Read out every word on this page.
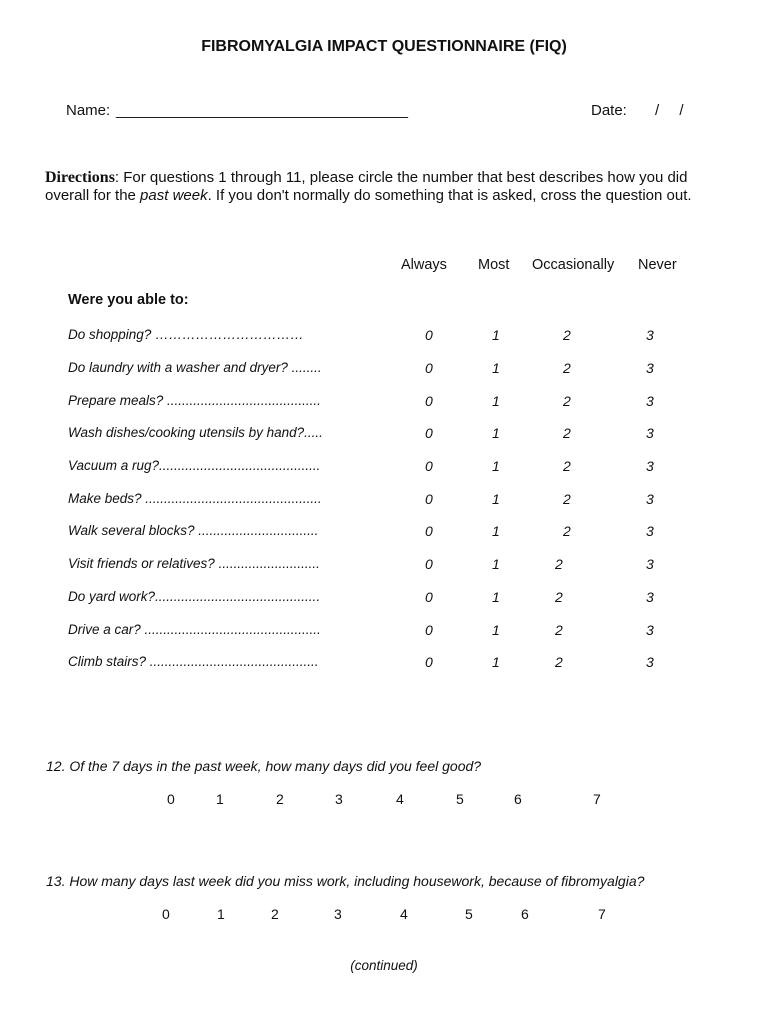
FIBROMYALGIA IMPACT QUESTIONNAIRE (FIQ)
Name: ___________________________________	Date: / /
Directions: For questions 1 through 11, please circle the number that best describes how you did overall for the past week. If you don't normally do something that is asked, cross the question out.
Always Most Occasionally Never
Were you able to:
Do shopping? ……………………………	0	1	2	3
Do laundry with a washer and dryer? ........	0	1	2	3
Prepare meals? .........................................	0	1	2	3
Wash dishes/cooking utensils by hand?.....	0	1	2	3
Vacuum a rug?...........................................	0	1	2	3
Make beds? ...............................................	0	1	2	3
Walk several blocks? ................................	0	1	2	3
Visit friends or relatives? ...........................	0	1	2	3
Do yard work?............................................	0	1	2	3
Drive a car? ...............................................	0	1	2	3
Climb stairs? .............................................	0	1	2	3
12. Of the 7 days in the past week, how many days did you feel good?
0	1	2	3	4	5	6	7
13. How many days last week did you miss work, including housework, because of fibromyalgia?
0	1	2	3	4	5	6	7
(continued)
